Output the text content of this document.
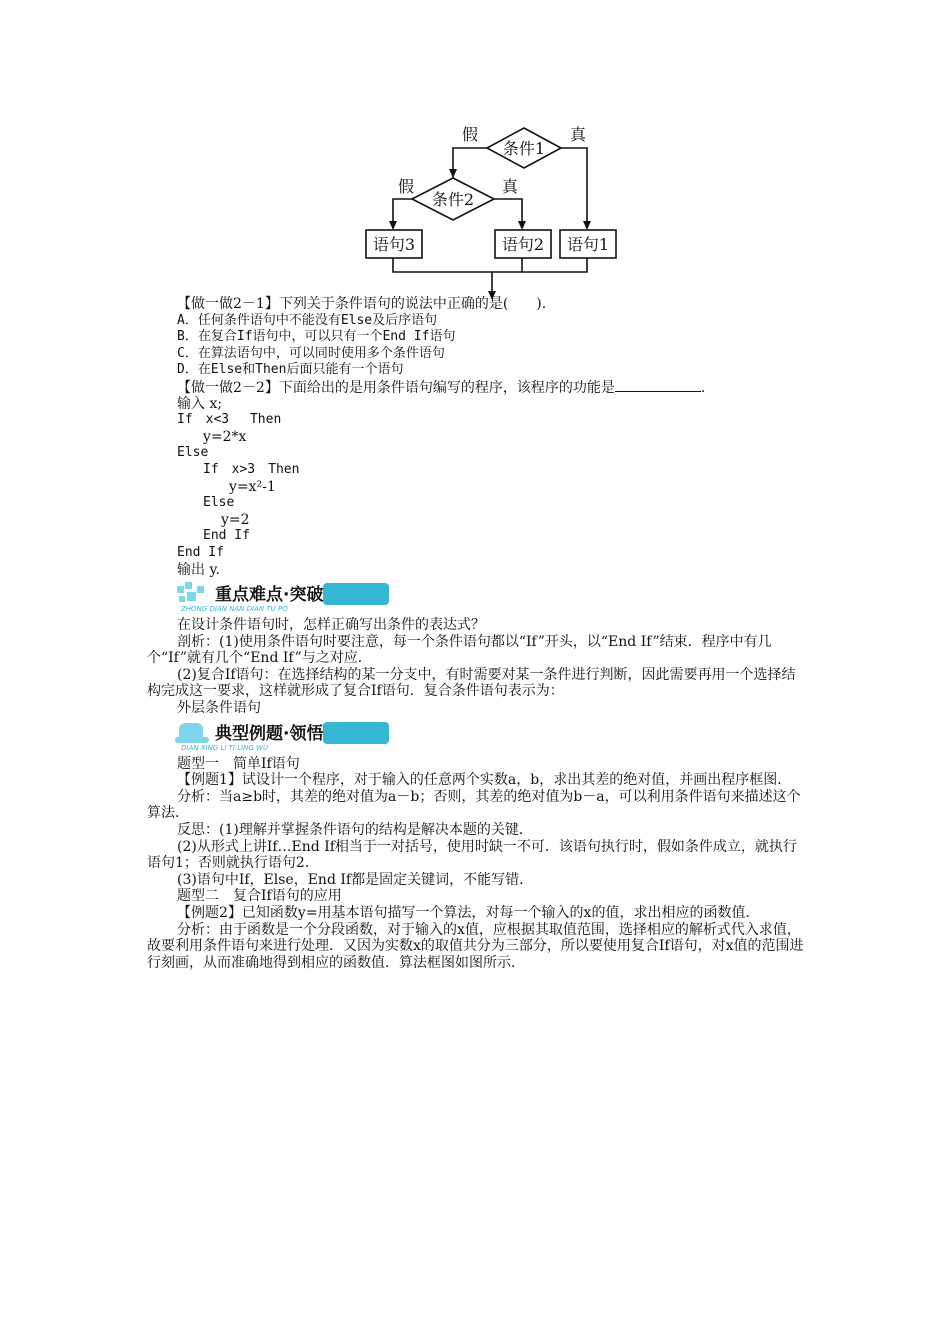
条件1
条件2
语句3	语句2 语句1
假	真
假	真
【做一做2－1】下列关于条件语句的说法中正确的是(　　).
A．任何条件语句中不能没有Else及后序语句
B．在复合If语句中，可以只有一个End If语句
C．在算法语句中，可以同时使用多个条件语句
D．在Else和Then后面只能有一个语句
【做一做2－2】下面给出的是用条件语句编写的程序，该程序的功能是	.
输入 x;
If　x<3　 Then
y=2*x
Else
If　x>3　Then
y=x²-1
Else
y=2
End If
End If
输出 y.
重点难点·突破
ZHONG DIAN NAN DIAN TU PO
在设计条件语句时，怎样正确写出条件的表达式？
剖析：(1)使用条件语句时要注意，每一个条件语句都以“If”开头，以“End If”结束．程序中有几个“If”就有几个“End If”与之对应．
(2)复合If语句：在选择结构的某一分支中，有时需要对某一条件进行判断，因此需要再用一个选择结构完成这一要求，这样就形成了复合If语句．复合条件语句表示为：
外层条件语句
典型例题·领悟
DIAN XING LI TI LING WU
题型一　简单If语句
【例题1】试设计一个程序，对于输入的任意两个实数a，b，求出其差的绝对值，并画出程序框图．
分析：当a≥b时，其差的绝对值为a－b；否则，其差的绝对值为b－a，可以利用条件语句来描述这个算法．
反思：(1)理解并掌握条件语句的结构是解决本题的关键．
(2)从形式上讲If…End If相当于一对括号，使用时缺一不可．该语句执行时，假如条件成立，就执行语句1；否则就执行语句2．
(3)语句中If，Else，End If都是固定关键词，不能写错．
题型二　复合If语句的应用
【例题2】已知函数y=用基本语句描写一个算法，对每一个输入的x的值，求出相应的函数值．
分析：由于函数是一个分段函数，对于输入的x值，应根据其取值范围，选择相应的解析式代入求值，故要利用条件语句来进行处理．又因为实数x的取值共分为三部分，所以要使用复合If语句，对x值的范围进行刻画，从而准确地得到相应的函数值．算法框图如图所示．
